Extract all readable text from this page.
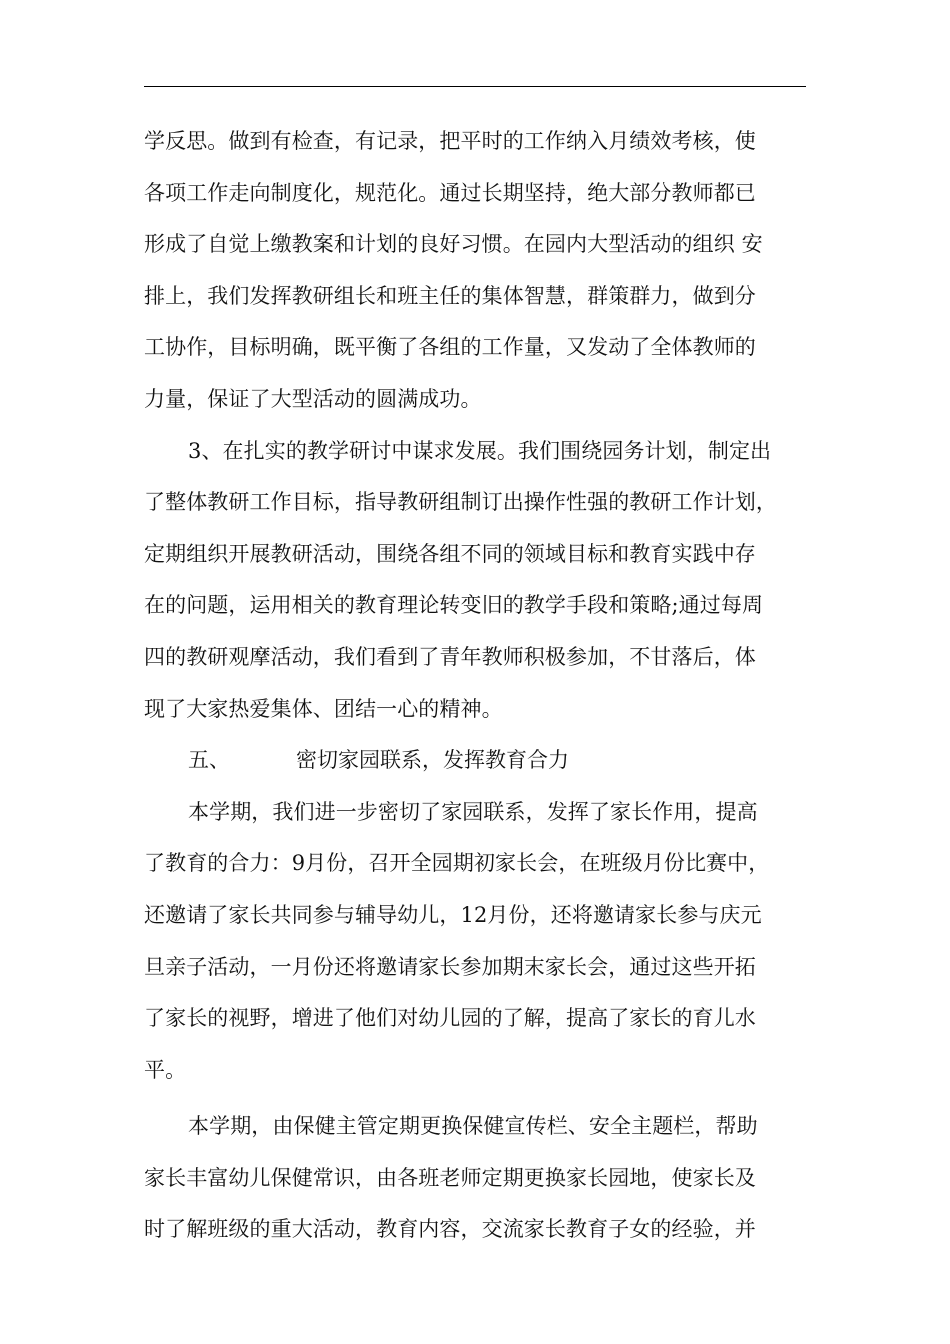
学反思。做到有检查，有记录，把平时的工作纳入月绩效考核，使
各项工作走向制度化，规范化。通过长期坚持，绝大部分教师都已
形成了自觉上缴教案和计划的良好习惯。在园内大型活动的组织 安
排上，我们发挥教研组长和班主任的集体智慧，群策群力，做到分
工协作，目标明确，既平衡了各组的工作量，又发动了全体教师的
力量，保证了大型活动的圆满成功。
3、在扎实的教学研讨中谋求发展。我们围绕园务计划，制定出
了整体教研工作目标，指导教研组制订出操作性强的教研工作计划，
定期组织开展教研活动，围绕各组不同的领域目标和教育实践中存
在的问题，运用相关的教育理论转变旧的教学手段和策略;通过每周
四的教研观摩活动，我们看到了青年教师积极参加，不甘落后，体
现了大家热爱集体、团结一心的精神。
五、	密切家园联系，发挥教育合力
本学期，我们进一步密切了家园联系，发挥了家长作用，提高
了教育的合力：9月份，召开全园期初家长会，在班级月份比赛中，
还邀请了家长共同参与辅导幼儿，12月份，还将邀请家长参与庆元
旦亲子活动，一月份还将邀请家长参加期末家长会，通过这些开拓
了家长的视野，增进了他们对幼儿园的了解，提高了家长的育儿水
平。
本学期，由保健主管定期更换保健宣传栏、安全主题栏，帮助
家长丰富幼儿保健常识，由各班老师定期更换家长园地，使家长及
时了解班级的重大活动，教育内容，交流家长教育子女的经验，并
